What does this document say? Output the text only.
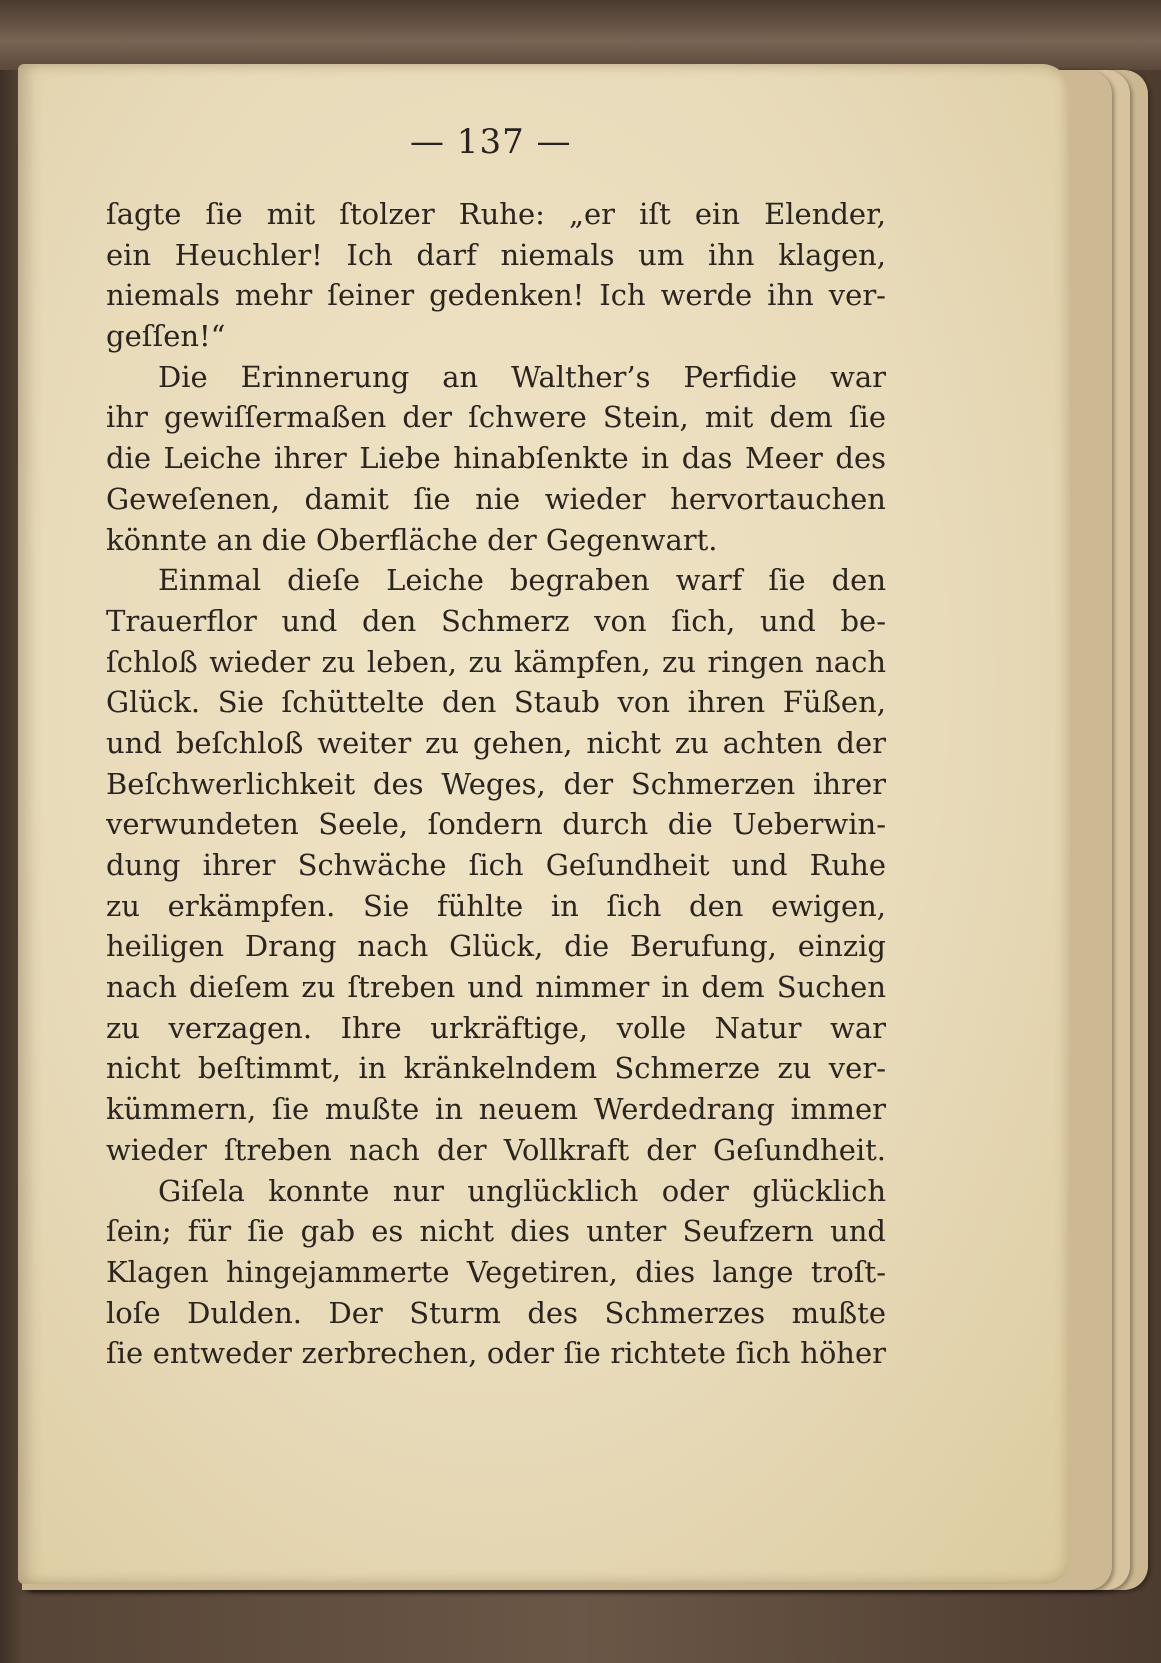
— 137 —
ſagte ſie mit ſtolzer Ruhe: „er iſt ein Elender,
ein Heuchler! Ich darf niemals um ihn klagen,
niemals mehr ſeiner gedenken! Ich werde ihn ver-
geſſen!“
Die Erinnerung an Walther’s Perfidie war
ihr gewiſſermaßen der ſchwere Stein, mit dem ſie
die Leiche ihrer Liebe hinabſenkte in das Meer des
Geweſenen, damit ſie nie wieder hervortauchen
könnte an die Oberfläche der Gegenwart.
Einmal dieſe Leiche begraben warf ſie den
Trauerflor und den Schmerz von ſich, und be-
ſchloß wieder zu leben, zu kämpfen, zu ringen nach
Glück. Sie ſchüttelte den Staub von ihren Füßen,
und beſchloß weiter zu gehen, nicht zu achten der
Beſchwerlichkeit des Weges, der Schmerzen ihrer
verwundeten Seele, ſondern durch die Ueberwin-
dung ihrer Schwäche ſich Geſundheit und Ruhe
zu erkämpfen. Sie fühlte in ſich den ewigen,
heiligen Drang nach Glück, die Berufung, einzig
nach dieſem zu ſtreben und nimmer in dem Suchen
zu verzagen. Ihre urkräftige, volle Natur war
nicht beſtimmt, in kränkelndem Schmerze zu ver-
kümmern, ſie mußte in neuem Werdedrang immer
wieder ſtreben nach der Vollkraft der Geſundheit.
Giſela konnte nur unglücklich oder glücklich
ſein; für ſie gab es nicht dies unter Seufzern und
Klagen hingejammerte Vegetiren, dies lange troſt-
loſe Dulden. Der Sturm des Schmerzes mußte
ſie entweder zerbrechen, oder ſie richtete ſich höher
